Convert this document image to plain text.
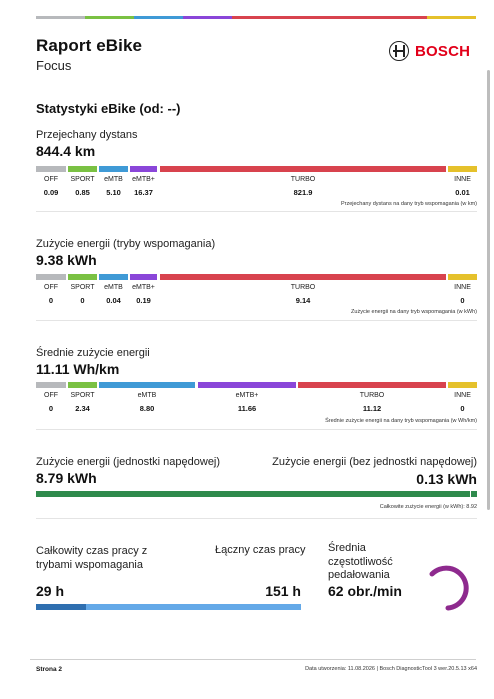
Raport eBike
Focus
BOSCH
Statystyki eBike (od: --)
Przejechany dystans
844.4 km
Przejechany dystans na dany tryb wspomagania (w km)
OFF
0.09
SPORT
0.85
eMTB
5.10
eMTB+
16.37
TURBO
821.9
INNE
0.01
Zużycie energii (tryby wspomagania)
9.38 kWh
Zużycie energii na dany tryb wspomagania (w kWh)
OFF
0
SPORT
0
eMTB
0.04
eMTB+
0.19
TURBO
9.14
INNE
0
Średnie zużycie energii
11.11 Wh/km
Średnie zużycie energii na dany tryb wspomagania (w Wh/km)
OFF
0
SPORT
2.34
eMTB
8.80
eMTB+
11.66
TURBO
11.12
INNE
0
Zużycie energii (jednostki napędowej)
8.79 kWh
Zużycie energii (bez jednostki napędowej)
0.13 kWh
Całkowite zużycie energii (w kWh): 8.92
Całkowity czas pracy z trybami wspomagania
Łączny czas pracy
29 h	151 h
Średnia częstotliwość pedałowania
62 obr./min
Strona 2	Data utworzenia: 11.08.2026 | Bosch DiagnosticTool 3 wer.20.5.13 x64
